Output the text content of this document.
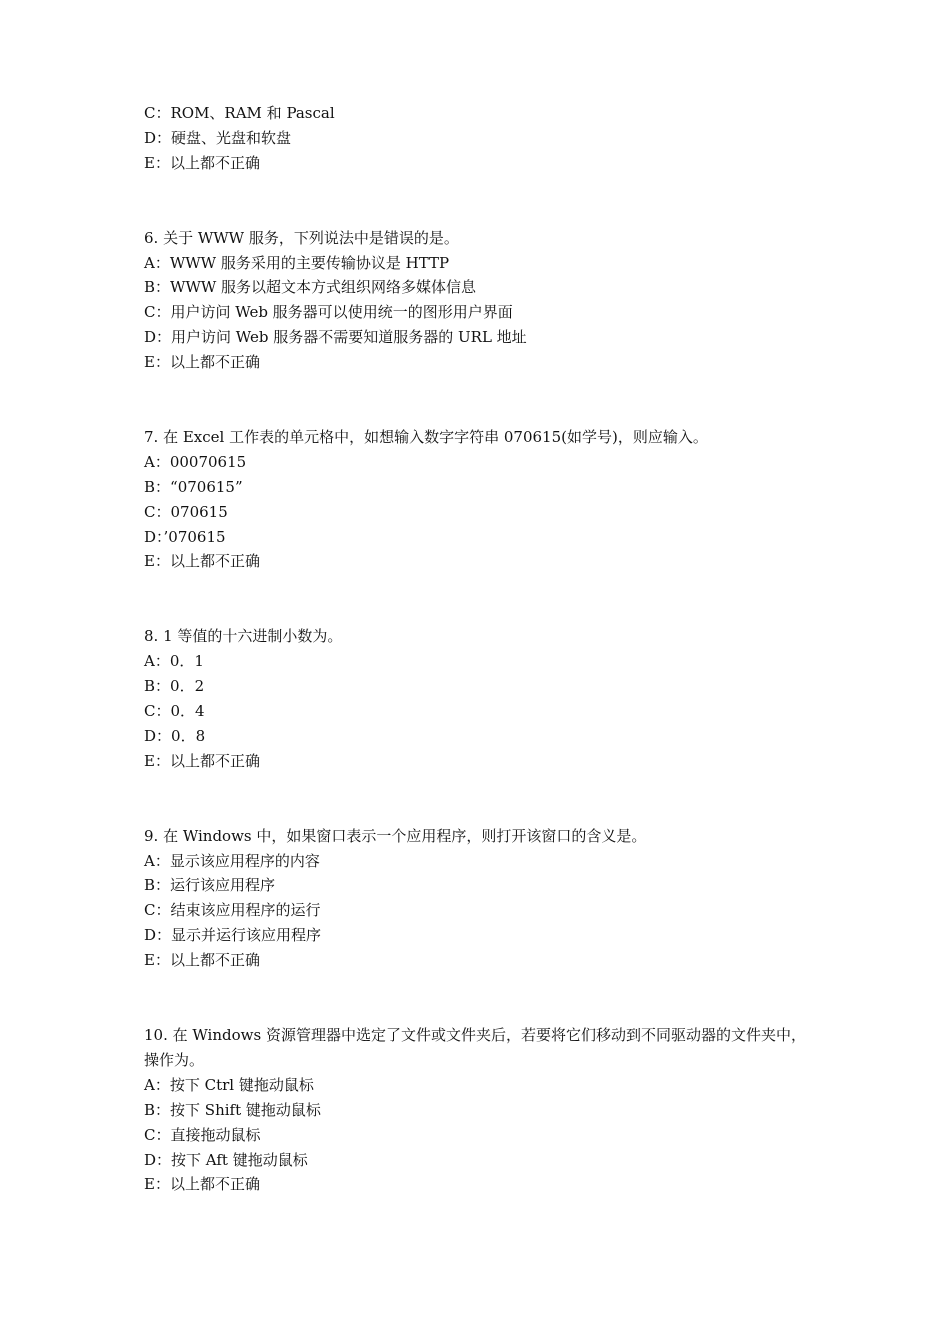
C：ROM、RAM 和 Pascal
D：硬盘、光盘和软盘
E：以上都不正确
6. 关于 WWW 服务，下列说法中是错误的是。
A：WWW 服务采用的主要传输协议是 HTTP
B：WWW 服务以超文本方式组织网络多媒体信息
C：用户访问 Web 服务器可以使用统一的图形用户界面
D：用户访问 Web 服务器不需要知道服务器的 URL 地址
E：以上都不正确
7. 在 Excel 工作表的单元格中，如想输入数字字符串 070615(如学号)，则应输入。
A：00070615
B：“070615”
C：070615
D：’070615
E：以上都不正确
8. 1 等值的十六进制小数为。
A：0．1
B：0．2
C：0．4
D：0．8
E：以上都不正确
9. 在 Windows 中，如果窗口表示一个应用程序，则打开该窗口的含义是。
A：显示该应用程序的内容
B：运行该应用程序
C：结束该应用程序的运行
D：显示并运行该应用程序
E：以上都不正确
10. 在 Windows 资源管理器中选定了文件或文件夹后，若要将它们移动到不同驱动器的文件夹中，操作为。
A：按下 Ctrl 键拖动鼠标
B：按下 Shift 键拖动鼠标
C：直接拖动鼠标
D：按下 Aft 键拖动鼠标
E：以上都不正确
